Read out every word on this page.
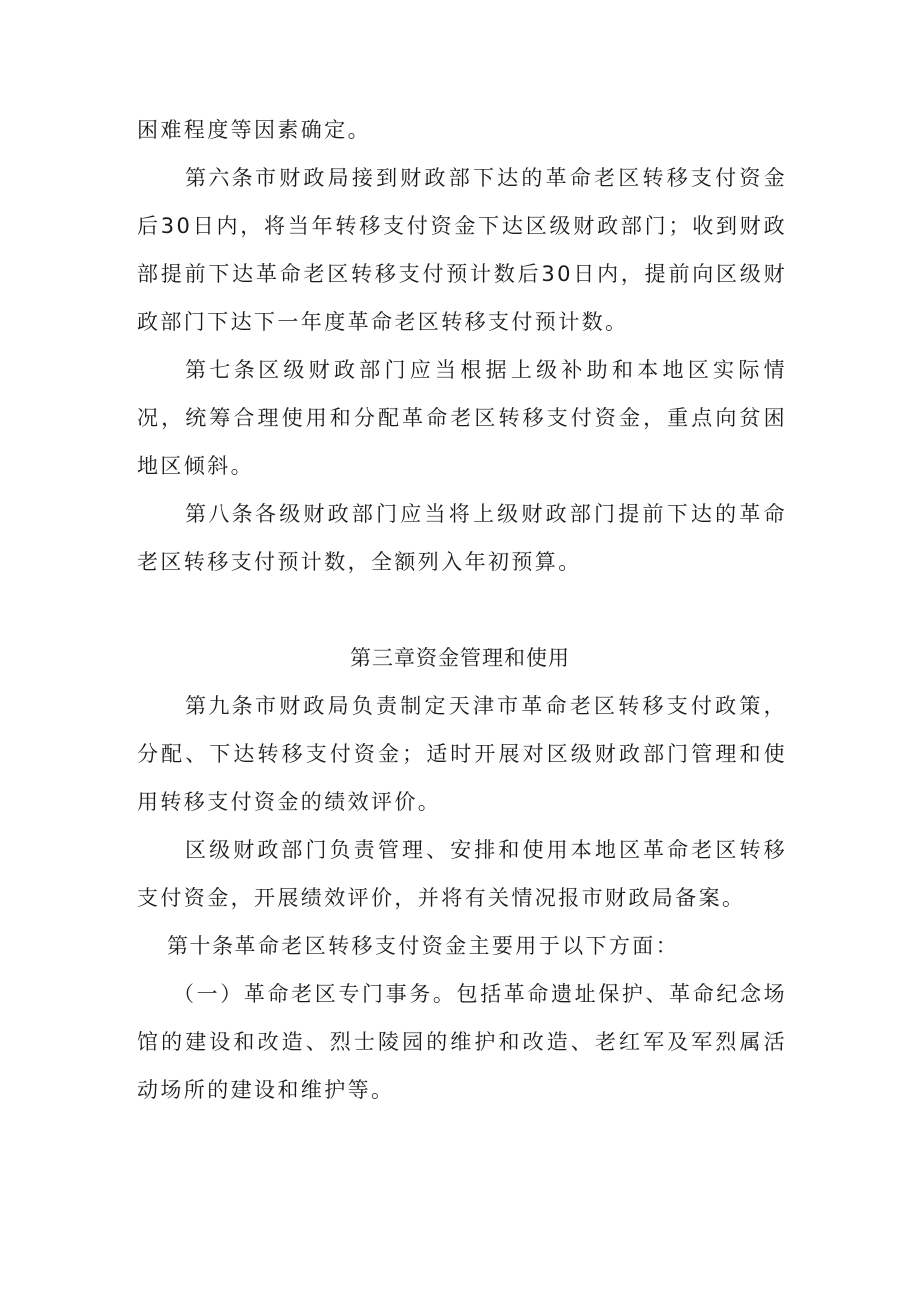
困难程度等因素确定。

第六条市财政局接到财政部下达的革命老区转移支付资金后30日内，将当年转移支付资金下达区级财政部门；收到财政部提前下达革命老区转移支付预计数后30日内，提前向区级财政部门下达下一年度革命老区转移支付预计数。

第七条区级财政部门应当根据上级补助和本地区实际情况，统筹合理使用和分配革命老区转移支付资金，重点向贫困地区倾斜。

第八条各级财政部门应当将上级财政部门提前下达的革命老区转移支付预计数，全额列入年初预算。

第三章资金管理和使用

第九条市财政局负责制定天津市革命老区转移支付政策，分配、下达转移支付资金；适时开展对区级财政部门管理和使用转移支付资金的绩效评价。

区级财政部门负责管理、安排和使用本地区革命老区转移支付资金，开展绩效评价，并将有关情况报市财政局备案。

第十条革命老区转移支付资金主要用于以下方面：

（一）革命老区专门事务。包括革命遗址保护、革命纪念场馆的建设和改造、烈士陵园的维护和改造、老红军及军烈属活动场所的建设和维护等。
